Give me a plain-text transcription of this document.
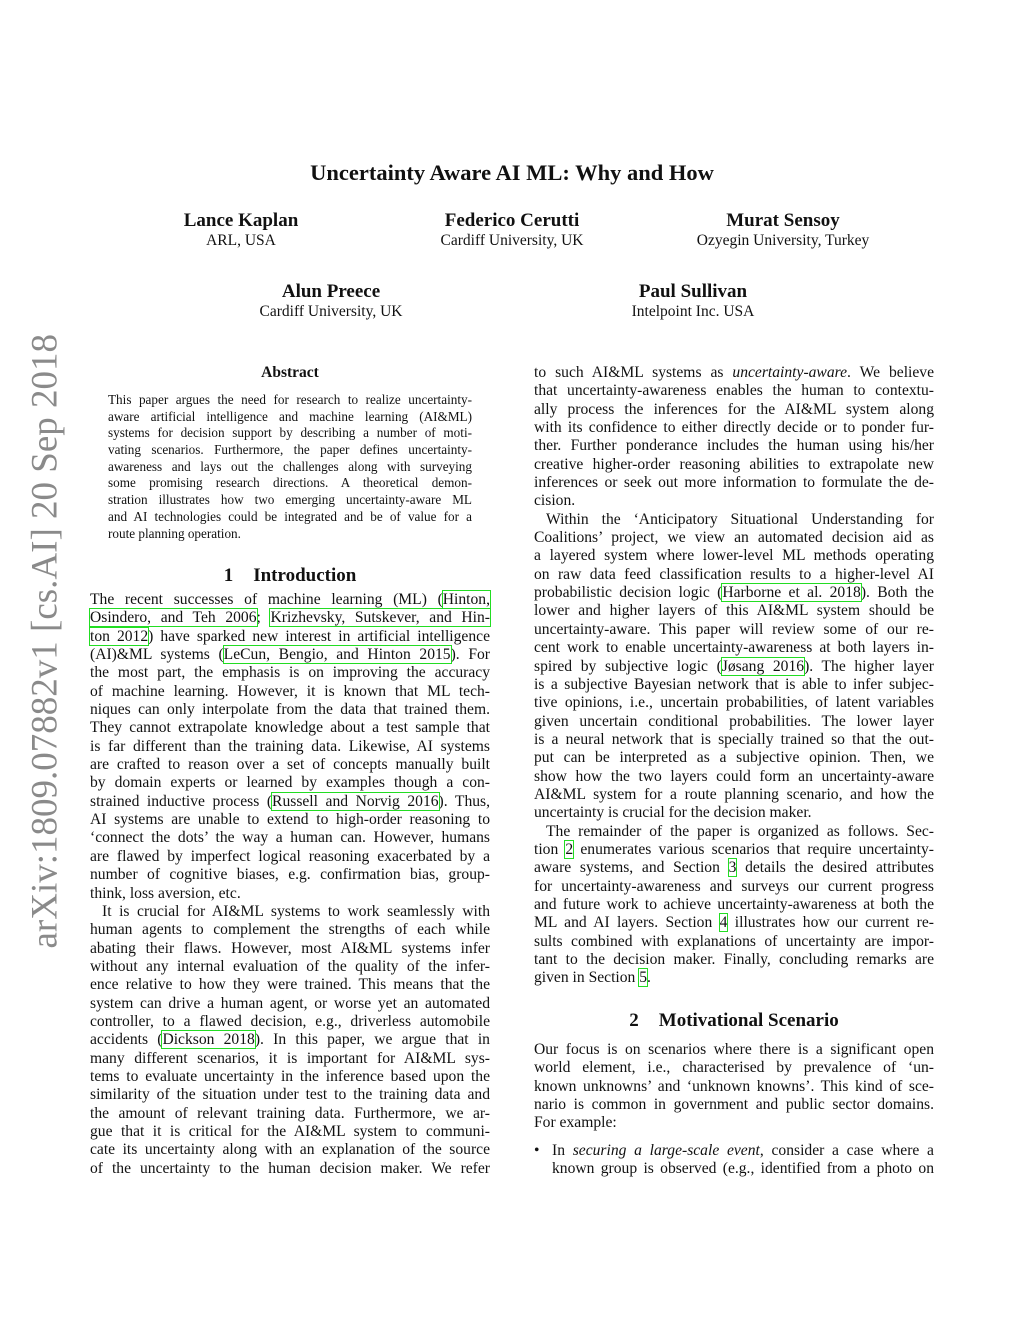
arXiv:1809.07882v1 [cs.AI] 20 Sep 2018
Uncertainty Aware AI ML: Why and How
Lance Kaplan
ARL, USA
Federico Cerutti
Cardiff University, UK
Murat Sensoy
Ozyegin University, Turkey
Alun Preece
Cardiff University, UK
Paul Sullivan
Intelpoint Inc. USA
Abstract
This paper argues the need for research to realize uncertainty-
aware artificial intelligence and machine learning (AI&ML)
systems for decision support by describing a number of moti-
vating scenarios. Furthermore, the paper defines uncertainty-
awareness and lays out the challenges along with surveying
some promising research directions. A theoretical demon-
stration illustrates how two emerging uncertainty-aware ML
and AI technologies could be integrated and be of value for a
route planning operation.
1 Introduction
The recent successes of machine learning (ML) (Hinton,
Osindero, and Teh 2006; Krizhevsky, Sutskever, and Hin-
ton 2012) have sparked new interest in artificial intelligence
(AI)&ML systems (LeCun, Bengio, and Hinton 2015). For
the most part, the emphasis is on improving the accuracy
of machine learning. However, it is known that ML tech-
niques can only interpolate from the data that trained them.
They cannot extrapolate knowledge about a test sample that
is far different than the training data. Likewise, AI systems
are crafted to reason over a set of concepts manually built
by domain experts or learned by examples though a con-
strained inductive process (Russell and Norvig 2016). Thus,
AI systems are unable to extend to high-order reasoning to
‘connect the dots’ the way a human can. However, humans
are flawed by imperfect logical reasoning exacerbated by a
number of cognitive biases, e.g. confirmation bias, group-
think, loss aversion, etc.
It is crucial for AI&ML systems to work seamlessly with
human agents to complement the strengths of each while
abating their flaws. However, most AI&ML systems infer
without any internal evaluation of the quality of the infer-
ence relative to how they were trained. This means that the
system can drive a human agent, or worse yet an automated
controller, to a flawed decision, e.g., driverless automobile
accidents (Dickson 2018). In this paper, we argue that in
many different scenarios, it is important for AI&ML sys-
tems to evaluate uncertainty in the inference based upon the
similarity of the situation under test to the training data and
the amount of relevant training data. Furthermore, we ar-
gue that it is critical for the AI&ML system to communi-
cate its uncertainty along with an explanation of the source
of the uncertainty to the human decision maker. We refer
to such AI&ML systems as uncertainty-aware. We believe
that uncertainty-awareness enables the human to contextu-
ally process the inferences for the AI&ML system along
with its confidence to either directly decide or to ponder fur-
ther. Further ponderance includes the human using his/her
creative higher-order reasoning abilities to extrapolate new
inferences or seek out more information to formulate the de-
cision.
Within the ‘Anticipatory Situational Understanding for
Coalitions’ project, we view an automated decision aid as
a layered system where lower-level ML methods operating
on raw data feed classification results to a higher-level AI
probabilistic decision logic (Harborne et al. 2018). Both the
lower and higher layers of this AI&ML system should be
uncertainty-aware. This paper will review some of our re-
cent work to enable uncertainty-awareness at both layers in-
spired by subjective logic (Jøsang 2016). The higher layer
is a subjective Bayesian network that is able to infer subjec-
tive opinions, i.e., uncertain probabilities, of latent variables
given uncertain conditional probabilities. The lower layer
is a neural network that is specially trained so that the out-
put can be interpreted as a subjective opinion. Then, we
show how the two layers could form an uncertainty-aware
AI&ML system for a route planning scenario, and how the
uncertainty is crucial for the decision maker.
The remainder of the paper is organized as follows. Sec-
tion 2 enumerates various scenarios that require uncertainty-
aware systems, and Section 3 details the desired attributes
for uncertainty-awareness and surveys our current progress
and future work to achieve uncertainty-awareness at both the
ML and AI layers. Section 4 illustrates how our current re-
sults combined with explanations of uncertainty are impor-
tant to the decision maker. Finally, concluding remarks are
given in Section 5.
2 Motivational Scenario
Our focus is on scenarios where there is a significant open
world element, i.e., characterised by prevalence of ‘un-
known unknowns’ and ‘unknown knowns’. This kind of sce-
nario is common in government and public sector domains.
For example:
• In securing a large-scale event, consider a case where a
known group is observed (e.g., identified from a photo on
